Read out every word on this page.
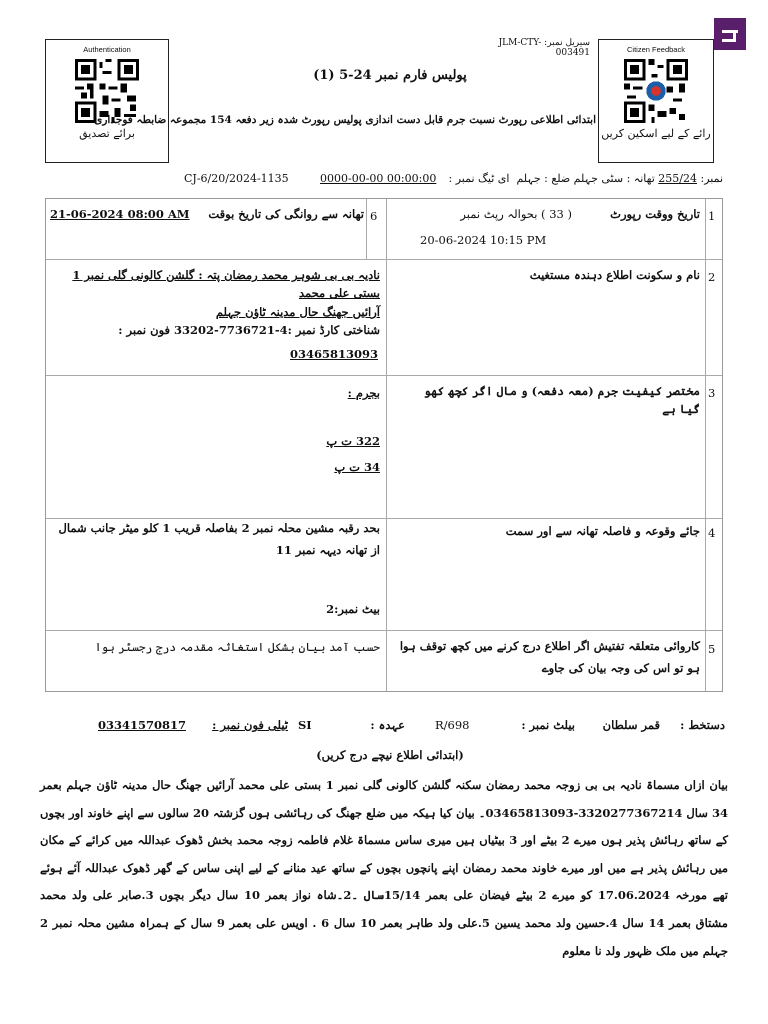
Authentication
برائے تصدیق
Citizen Feedback
رائے کے لیے اسکین کریں
سیریل نمبر: JLM-CTY-003491
پولیس فارم نمبر 24-5 (1)
ابتدائی اطلاعی رپورٹ نسبت جرم قابل دست اندازی پولیس رپورٹ شدہ زیر دفعہ 154 مجموعہ ضابطہ فوجداری
نمبر: 255/24 تھانہ : سٹی جہلم ضلع : جہلم  ای ٹیگ نمبر :
0000-00-00 00:00:00
CJ-6/20/2024-1135
1
تاریخ ووقت رپورٹ
( 33 ) بحوالہ رپٹ نمبر
20-06-2024 10:15 PM
6
تھانہ سے روانگی کی تاریخ بوقت
21-06-2024 08:00 AM
2
نام و سکونت اطلاع دہندہ مستغیث
نادیہ بی بی شوہر محمد رمضان پتہ : گلشن کالونی گلی نمبر 1 بستی علی محمد
آرائیں جھنگ حال مدینہ ٹاؤن جہلم
شناختی کارڈ نمبر :4-7736721-33202 فون نمبر :
03465813093
3
مختصر کیفیت جرم (معہ دفعہ) و مال اگر کچھ کھو گیا ہے
بجرم :
322 ت پ
34 ت پ
4
جائے وقوعہ و فاصلہ تھانہ سے اور سمت
بحد رقبہ مشین محلہ نمبر 2 بفاصلہ قریب 1 کلو میٹر جانب شمال از تھانہ دیہہ نمبر 11
بیٹ نمبر:2
5
کاروائی متعلقہ تفتیش اگر اطلاع درج کرنے میں کچھ توقف ہوا ہو تو اس کی وجہ بیان کی جاوے
حسب آمد بیان بشکل استغاثہ مقدمہ درج رجسٹر ہوا
دستخط :
قمر سلطان
بیلٹ نمبر :
R/698
عہدہ :
SI
ٹیلی فون نمبر :
03341570817
(ابتدائی اطلاع نیچے درج کریں)
بیان ازاں مسماۃ نادیہ بی بی زوجہ محمد رمضان سکنہ گلشن کالونی گلی نمبر 1 بستی علی محمد آرائیں جھنگ حال مدینہ ٹاؤن جہلم بعمر 34 سال 3320277367214-03465813093۔ بیان کیا ہیکہ میں ضلع جھنگ کی رہائشی ہوں گزشتہ 20 سالوں سے اپنے خاوند اور بچوں کے ساتھ رہائش پذیر ہوں میرے 2 بیٹے اور 3 بیٹیاں ہیں میری ساس مسماۃ غلام فاطمہ زوجہ محمد بخش ڈھوک عبداللہ میں کرائے کے مکان میں رہائش پذیر ہے میں اور میرے خاوند محمد رمضان اپنے پانچوں بچوں کے ساتھ عید منانے کے لیے اپنی ساس کے گھر ڈھوک عبداللہ آئے ہوئے تھے مورخہ 17.06.2024 کو میرے 2 بیٹے فیضان علی بعمر 15/14سال ۔2۔شاہ نواز بعمر 10 سال دیگر بچوں 3.صابر علی ولد محمد مشتاق بعمر 14 سال 4.حسین ولد محمد یسین 5.علی ولد طاہر بعمر 10 سال 6 . اویس علی بعمر 9 سال کے ہمراہ مشین محلہ نمبر 2 جہلم میں ملک ظہور ولد نا معلوم
